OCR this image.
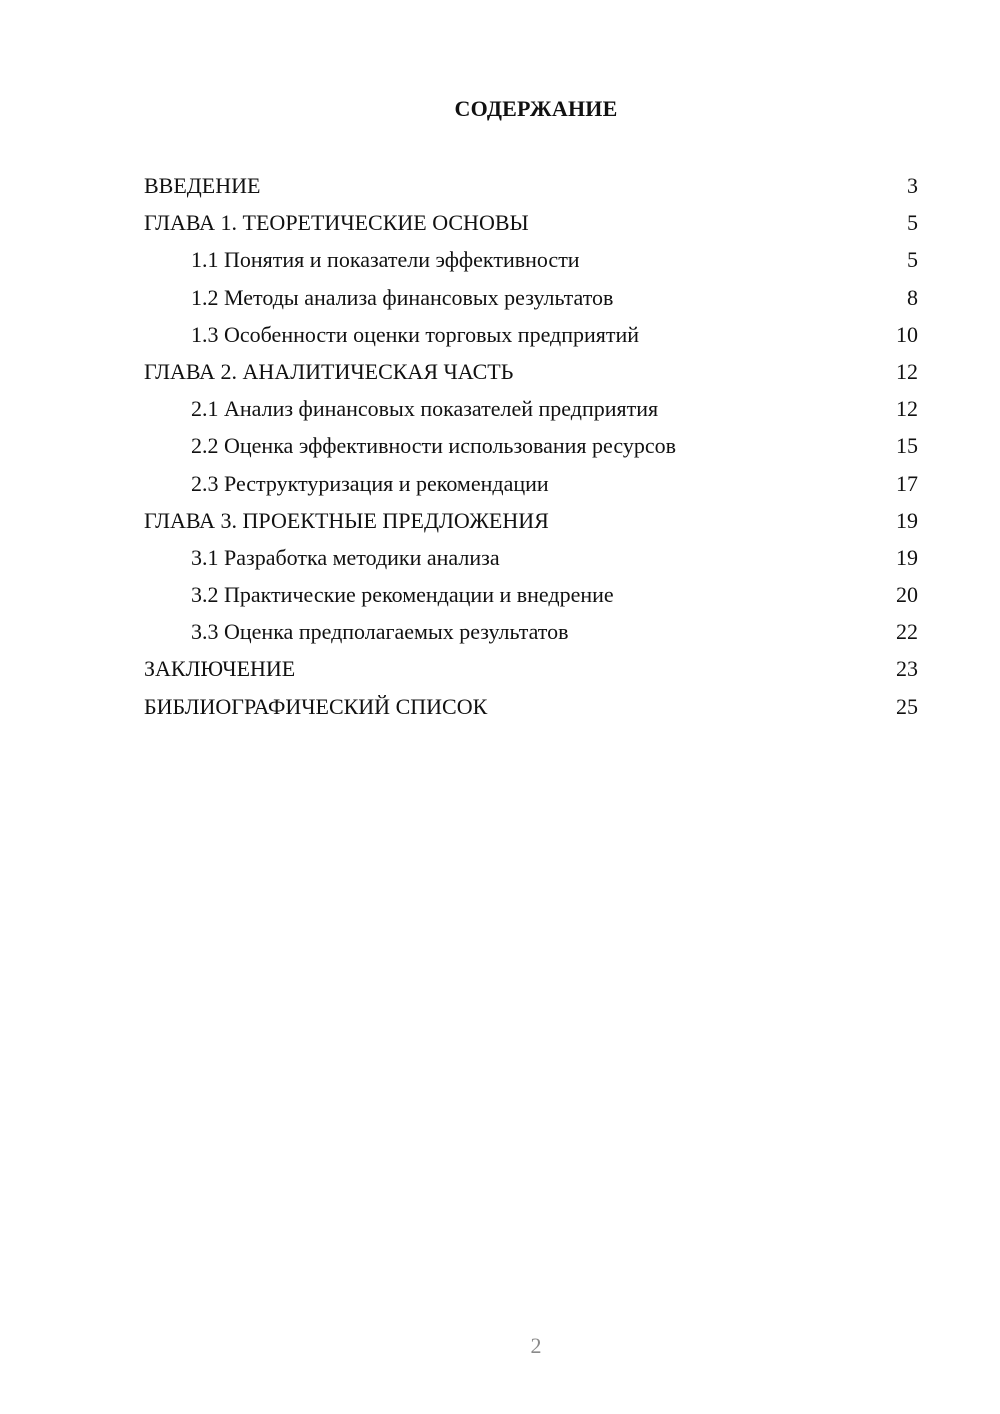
СОДЕРЖАНИЕ
ВВЕДЕНИЕ	3
ГЛАВА 1. ТЕОРЕТИЧЕСКИЕ ОСНОВЫ	5
1.1 Понятия и показатели эффективности	5
1.2 Методы анализа финансовых результатов	8
1.3 Особенности оценки торговых предприятий	10
ГЛАВА 2. АНАЛИТИЧЕСКАЯ ЧАСТЬ	12
2.1 Анализ финансовых показателей предприятия	12
2.2 Оценка эффективности использования ресурсов	15
2.3 Реструктуризация и рекомендации	17
ГЛАВА 3. ПРОЕКТНЫЕ ПРЕДЛОЖЕНИЯ	19
3.1 Разработка методики анализа	19
3.2 Практические рекомендации и внедрение	20
3.3 Оценка предполагаемых результатов	22
ЗАКЛЮЧЕНИЕ	23
БИБЛИОГРАФИЧЕСКИЙ СПИСОК	25
2
